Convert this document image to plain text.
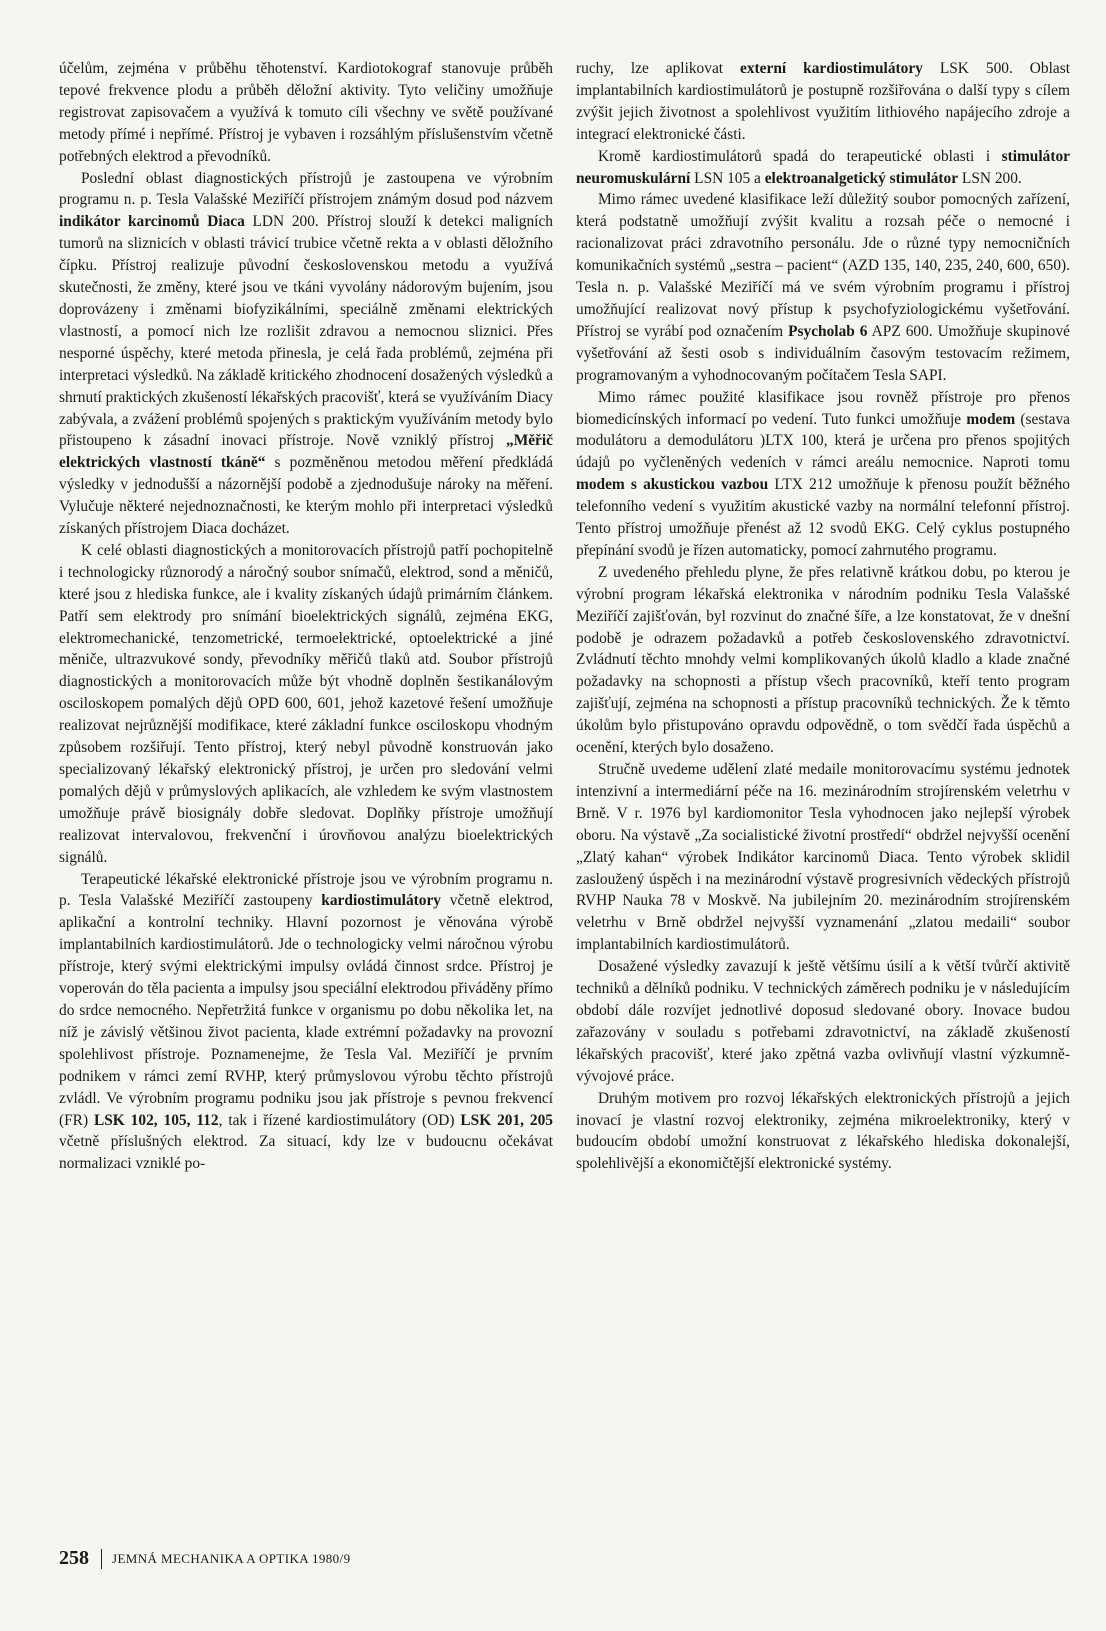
účelům, zejména v průběhu těhotenství. Kardiotokograf stanovuje průběh tepové frekvence plodu a průběh děložní aktivity. Tyto veličiny umožňuje registrovat zapisovačem a využívá k tomuto cíli všechny ve světě používané metody přímé i nepřímé. Přístroj je vybaven i rozsáhlým příslušenstvím včetně potřebných elektrod a převodníků.

Poslední oblast diagnostických přístrojů je zastoupena ve výrobním programu n. p. Tesla Valašské Meziříčí přístrojem známým dosud pod názvem indikátor karcinomů Diaca LDN 200. Přístroj slouží k detekci maligních tumorů na sliznicích v oblasti trávicí trubice včetně rekta a v oblasti děložního čípku. Přístroj realizuje původní československou metodu a využívá skutečnosti, že změny, které jsou ve tkáni vyvolány nádorovým bujením, jsou doprovázeny i změnami biofyzikálními, speciálně změnami elektrických vlastností, a pomocí nich lze rozlišit zdravou a nemocnou sliznici. Přes nesporné úspěchy, které metoda přinesla, je celá řada problémů, zejména při interpretaci výsledků. Na základě kritického zhodnocení dosažených výsledků a shrnutí praktických zkušeností lékařských pracovišť, která se využíváním Diacy zabývala, a zvážení problémů spojených s praktickým využíváním metody bylo přistoupeno k zásadní inovaci přístroje. Nově vzniklý přístroj „Měřič elektrických vlastností tkáně“ s pozměněnou metodou měření předkládá výsledky v jednodušší a názornější podobě a zjednodušuje nároky na měření. Vylučuje některé nejednoznačnosti, ke kterým mohlo při interpretaci výsledků získaných přístrojem Diaca docházet.

K celé oblasti diagnostických a monitorovacích přístrojů patří pochopitelně i technologicky různorodý a náročný soubor snímačů, elektrod, sond a měničů, které jsou z hlediska funkce, ale i kvality získaných údajů primárním článkem. Patří sem elektrody pro snímání bioelektrických signálů, zejména EKG, elektromechanické, tenzometrické, termoelektrické, optoelektrické a jiné měniče, ultrazvukové sondy, převodníky měřičů tlaků atd. Soubor přístrojů diagnostických a monitorovacích může být vhodně doplněn šestikanálovým osciloskopem pomalých dějů OPD 600, 601, jehož kazetové řešení umožňuje realizovat nejrůznější modifikace, které základní funkce osciloskopu vhodným způsobem rozšiřují. Tento přístroj, který nebyl původně konstruován jako specializovaný lékařský elektronický přístroj, je určen pro sledování velmi pomalých dějů v průmyslových aplikacích, ale vzhledem ke svým vlastnostem umožňuje právě biosignály dobře sledovat. Doplňky přístroje umožňují realizovat intervalovou, frekvenční i úrovňovou analýzu bioelektrických signálů.

Terapeutické lékařské elektronické přístroje jsou ve výrobním programu n. p. Tesla Valašské Meziříčí zastoupeny kardiostimulátory včetně elektrod, aplikační a kontrolní techniky. Hlavní pozornost je věnována výrobě implantabilních kardiostimulátorů. Jde o technologicky velmi náročnou výrobu přístroje, který svými elektrickými impulsy ovládá činnost srdce. Přístroj je voperován do těla pacienta a impulsy jsou speciální elektrodou přiváděny přímo do srdce nemocného. Nepřetržitá funkce v organismu po dobu několika let, na níž je závislý většinou život pacienta, klade extrémní požadavky na provozní spolehlivost přístroje. Poznamenejme, že Tesla Val. Meziříčí je prvním podnikem v rámci zemí RVHP, který průmyslovou výrobu těchto přístrojů zvládl. Ve výrobním programu podniku jsou jak přístroje s pevnou frekvencí (FR) LSK 102, 105, 112, tak i řízené kardiostimulátory (OD) LSK 201, 205 včetně příslušných elektrod. Za situací, kdy lze v budoucnu očekávat normalizaci vzniklé po-

ruchy, lze aplikovat externí kardiostimulátory LSK 500. Oblast implantabilních kardiostimulátorů je postupně rozšiřována o další typy s cílem zvýšit jejich životnost a spolehlivost využitím lithiového napájecího zdroje a integrací elektronické části.

Kromě kardiostimulátorů spadá do terapeutické oblasti i stimulátor neuromuskulární LSN 105 a elektroanalgetický stimulátor LSN 200.

Mimo rámec uvedené klasifikace leží důležitý soubor pomocných zařízení, která podstatně umožňují zvýšit kvalitu a rozsah péče o nemocné i racionalizovat práci zdravotního personálu. Jde o různé typy nemocničních komunikačních systémů „sestra – pacient“ (AZD 135, 140, 235, 240, 600, 650). Tesla n. p. Valašské Meziříčí má ve svém výrobním programu i přístroj umožňující realizovat nový přístup k psychofyziologickému vyšetřování. Přístroj se vyrábí pod označením Psycholab 6 APZ 600. Umožňuje skupinové vyšetřování až šesti osob s individuálním časovým testovacím režimem, programovaným a vyhodnocovaným počítačem Tesla SAPI.

Mimo rámec použité klasifikace jsou rovněž přístroje pro přenos biomedicínských informací po vedení. Tuto funkci umožňuje modem (sestava modulátoru a demodulátoru )LTX 100, která je určena pro přenos spojitých údajů po vyčleněných vedeních v rámci areálu nemocnice. Naproti tomu modem s akustickou vazbou LTX 212 umožňuje k přenosu použít běžného telefonního vedení s využitím akustické vazby na normální telefonní přístroj. Tento přístroj umožňuje přenést až 12 svodů EKG. Celý cyklus postupného přepínání svodů je řízen automaticky, pomocí zahrnutého programu.

Z uvedeného přehledu plyne, že přes relativně krátkou dobu, po kterou je výrobní program lékařská elektronika v národním podniku Tesla Valašské Meziříčí zajišťován, byl rozvinut do značné šíře, a lze konstatovat, že v dnešní podobě je odrazem požadavků a potřeb československého zdravotnictví. Zvládnutí těchto mnohdy velmi komplikovaných úkolů kladlo a klade značné požadavky na schopnosti a přístup všech pracovníků, kteří tento program zajišťují, zejména na schopnosti a přístup pracovníků technických. Že k těmto úkolům bylo přistupováno opravdu odpovědně, o tom svědčí řada úspěchů a ocenění, kterých bylo dosaženo.

Stručně uvedeme udělení zlaté medaile monitorovacímu systému jednotek intenzivní a intermediární péče na 16. mezinárodním strojírenském veletrhu v Brně. V r. 1976 byl kardiomonitor Tesla vyhodnocen jako nejlepší výrobek oboru. Na výstavě „Za socialistické životní prostředí“ obdržel nejvyšší ocenění „Zlatý kahan“ výrobek Indikátor karcinomů Diaca. Tento výrobek sklidil zasloužený úspěch i na mezinárodní výstavě progresivních vědeckých přístrojů RVHP Nauka 78 v Moskvě. Na jubilejním 20. mezinárodním strojírenském veletrhu v Brně obdržel nejvyšší vyznamenání „zlatou medaili“ soubor implantabilních kardiostimulátorů.

Dosažené výsledky zavazují k ještě většímu úsilí a k větší tvůrčí aktivitě techniků a dělníků podniku. V technických záměrech podniku je v následujícím období dále rozvíjet jednotlivé doposud sledované obory. Inovace budou zařazovány v souladu s potřebami zdravotnictví, na základě zkušeností lékařských pracovišť, které jako zpětná vazba ovlivňují vlastní výzkumně-vývojové práce.

Druhým motivem pro rozvoj lékařských elektronických přístrojů a jejich inovací je vlastní rozvoj elektroniky, zejména mikroelektroniky, který v budoucím období umožní konstruovat z lékařského hlediska dokonalejší, spolehlivější a ekonomičtější elektronické systémy.

258 JEMNÁ MECHANIKA A OPTIKA 1980/9
